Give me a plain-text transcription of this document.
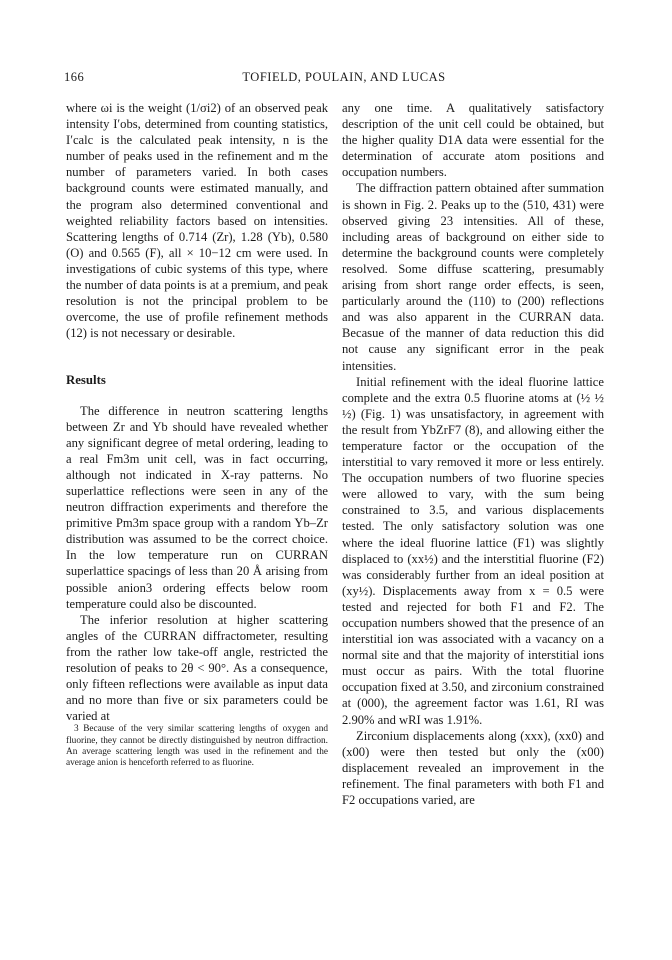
166	TOFIELD, POULAIN, AND LUCAS

where ωi is the weight (1/σi2) of an observed peak intensity I′obs, determined from counting statistics, I′calc is the calculated peak intensity, n is the number of peaks used in the refinement and m the number of parameters varied. In both cases background counts were estimated manually, and the program also determined conventional and weighted reliability factors based on intensities. Scattering lengths of 0.714 (Zr), 1.28 (Yb), 0.580 (O) and 0.565 (F), all × 10−12 cm were used. In investigations of cubic systems of this type, where the number of data points is at a premium, and peak resolution is not the principal problem to be overcome, the use of profile refinement methods (12) is not necessary or desirable.

Results

The difference in neutron scattering lengths between Zr and Yb should have revealed whether any significant degree of metal ordering, leading to a real Fm3m unit cell, was in fact occurring, although not indicated in X-ray patterns. No superlattice reflections were seen in any of the neutron diffraction experiments and therefore the primitive Pm3m space group with a random Yb–Zr distribution was assumed to be the correct choice. In the low temperature run on CURRAN superlattice spacings of less than 20 Å arising from possible anion3 ordering effects below room temperature could also be discounted.

The inferior resolution at higher scattering angles of the CURRAN diffractometer, resulting from the rather low take-off angle, restricted the resolution of peaks to 2θ < 90°. As a consequence, only fifteen reflections were available as input data and no more than five or six parameters could be varied at

3 Because of the very similar scattering lengths of oxygen and fluorine, they cannot be directly distinguished by neutron diffraction. An average scattering length was used in the refinement and the average anion is henceforth referred to as fluorine.

any one time. A qualitatively satisfactory description of the unit cell could be obtained, but the higher quality D1A data were essential for the determination of accurate atom positions and occupation numbers.

The diffraction pattern obtained after summation is shown in Fig. 2. Peaks up to the (510, 431) were observed giving 23 intensities. All of these, including areas of background on either side to determine the background counts were completely resolved. Some diffuse scattering, presumably arising from short range order effects, is seen, particularly around the (110) to (200) reflections and was also apparent in the CURRAN data. Becasue of the manner of data reduction this did not cause any significant error in the peak intensities.

Initial refinement with the ideal fluorine lattice complete and the extra 0.5 fluorine atoms at (½ ½ ½) (Fig. 1) was unsatisfactory, in agreement with the result from YbZrF7 (8), and allowing either the temperature factor or the occupation of the interstitial to vary removed it more or less entirely. The occupation numbers of two fluorine species were allowed to vary, with the sum being constrained to 3.5, and various displacements tested. The only satisfactory solution was one where the ideal fluorine lattice (F1) was slightly displaced to (xx½) and the interstitial fluorine (F2) was considerably further from an ideal position at (xy½). Displacements away from x = 0.5 were tested and rejected for both F1 and F2. The occupation numbers showed that the presence of an interstitial ion was associated with a vacancy on a normal site and that the majority of interstitial ions must occur as pairs. With the total fluorine occupation fixed at 3.50, and zirconium constrained at (000), the agreement factor was 1.61, RI was 2.90% and wRI was 1.91%.

Zirconium displacements along (xxx), (xx0) and (x00) were then tested but only the (x00) displacement revealed an improvement in the refinement. The final parameters with both F1 and F2 occupations varied, are
